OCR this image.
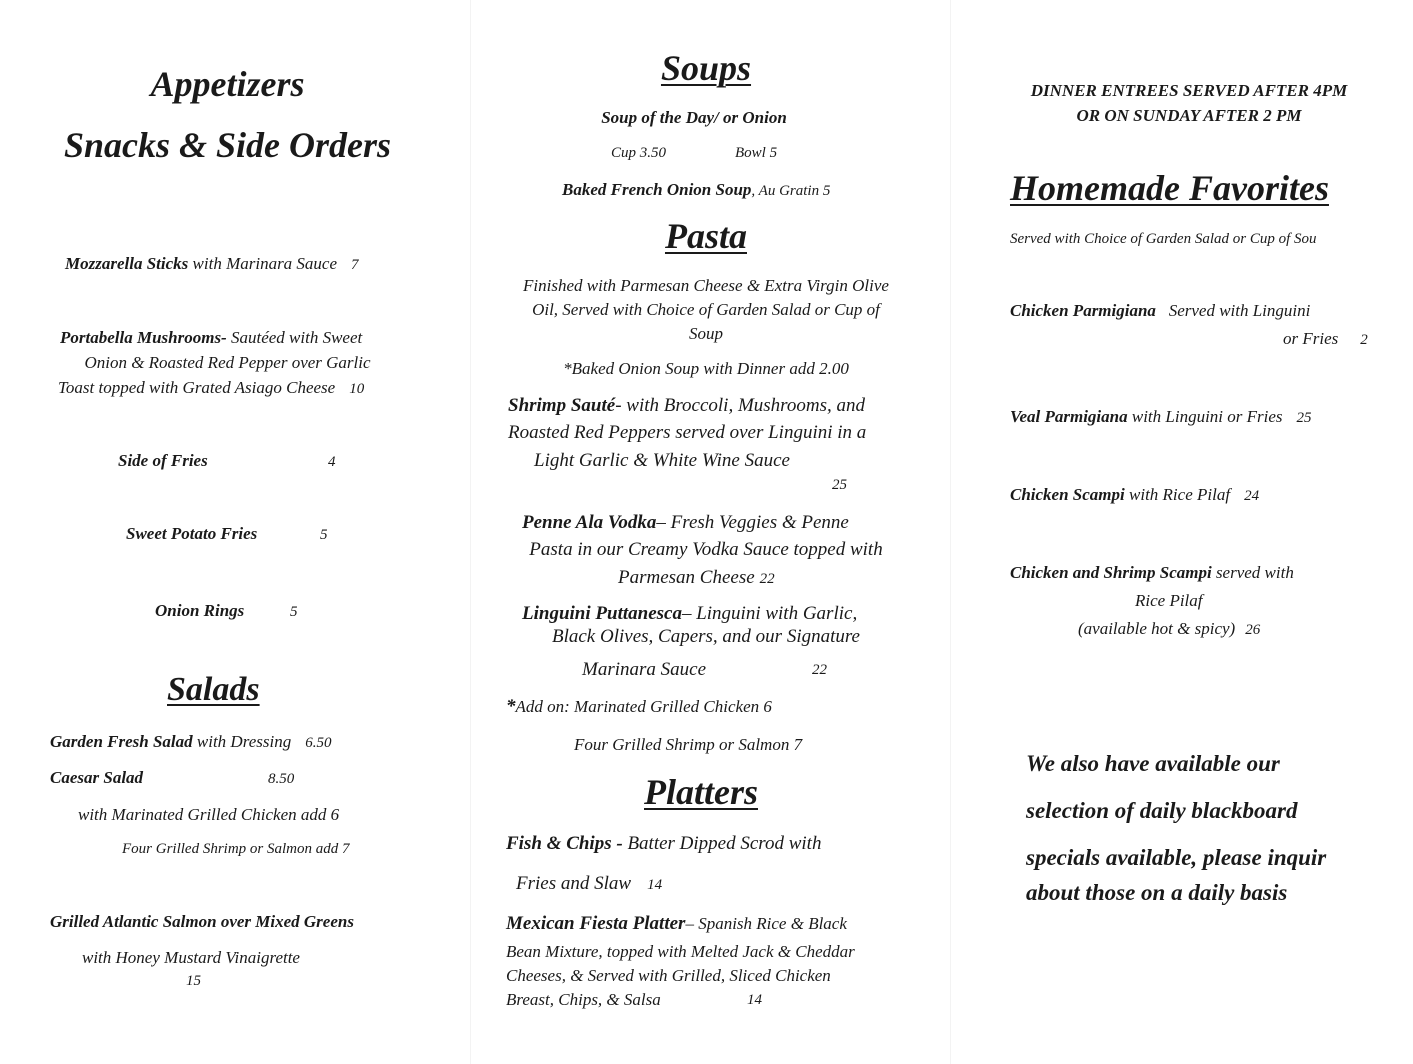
Appetizers
Snacks & Side Orders
Mozzarella Sticks with Marinara Sauce 7
Portabella Mushrooms- Sautéed with Sweet
Onion & Roasted Red Pepper over Garlic
Toast topped with Grated Asiago Cheese 10
Side of Fries	4
Sweet Potato Fries	5
Onion Rings	5
Salads
Garden Fresh Salad with Dressing 6.50
Caesar Salad	8.50
with Marinated Grilled Chicken add 6
Four Grilled Shrimp or Salmon add 7
Grilled Atlantic Salmon over Mixed Greens
with Honey Mustard Vinaigrette
15
Soups
Soup of the Day/ or Onion
Cup 3.50	Bowl 5
Baked French Onion Soup, Au Gratin 5
Pasta
Finished with Parmesan Cheese & Extra Virgin Olive
Oil, Served with Choice of Garden Salad or Cup of
Soup
*Baked Onion Soup with Dinner add 2.00
Shrimp Sauté- with Broccoli, Mushrooms, and
Roasted Red Peppers served over Linguini in a
Light Garlic & White Wine Sauce
25
Penne Ala Vodka– Fresh Veggies & Penne
Pasta in our Creamy Vodka Sauce topped with
Parmesan Cheese 22
Linguini Puttanesca– Linguini with Garlic,
Black Olives, Capers, and our Signature
Marinara Sauce	22
*Add on: Marinated Grilled Chicken 6
Four Grilled Shrimp or Salmon 7
Platters
Fish & Chips - Batter Dipped Scrod with
Fries and Slaw 14
Mexican Fiesta Platter– Spanish Rice & Black
Bean Mixture, topped with Melted Jack & Cheddar
Cheeses, & Served with Grilled, Sliced Chicken
Breast, Chips, & Salsa	14
DINNER ENTREES SERVED AFTER 4PM
OR ON SUNDAY AFTER 2 PM
Homemade Favorites
Served with Choice of Garden Salad or Cup of Sou
Chicken Parmigiana   Served with Linguini
or Fries 2
Veal Parmigiana with Linguini or Fries 25
Chicken Scampi with Rice Pilaf 24
Chicken and Shrimp Scampi served with
Rice Pilaf
(available hot & spicy) 26
We also have available our
selection of daily blackboard
specials available, please inquir
about those on a daily basis
